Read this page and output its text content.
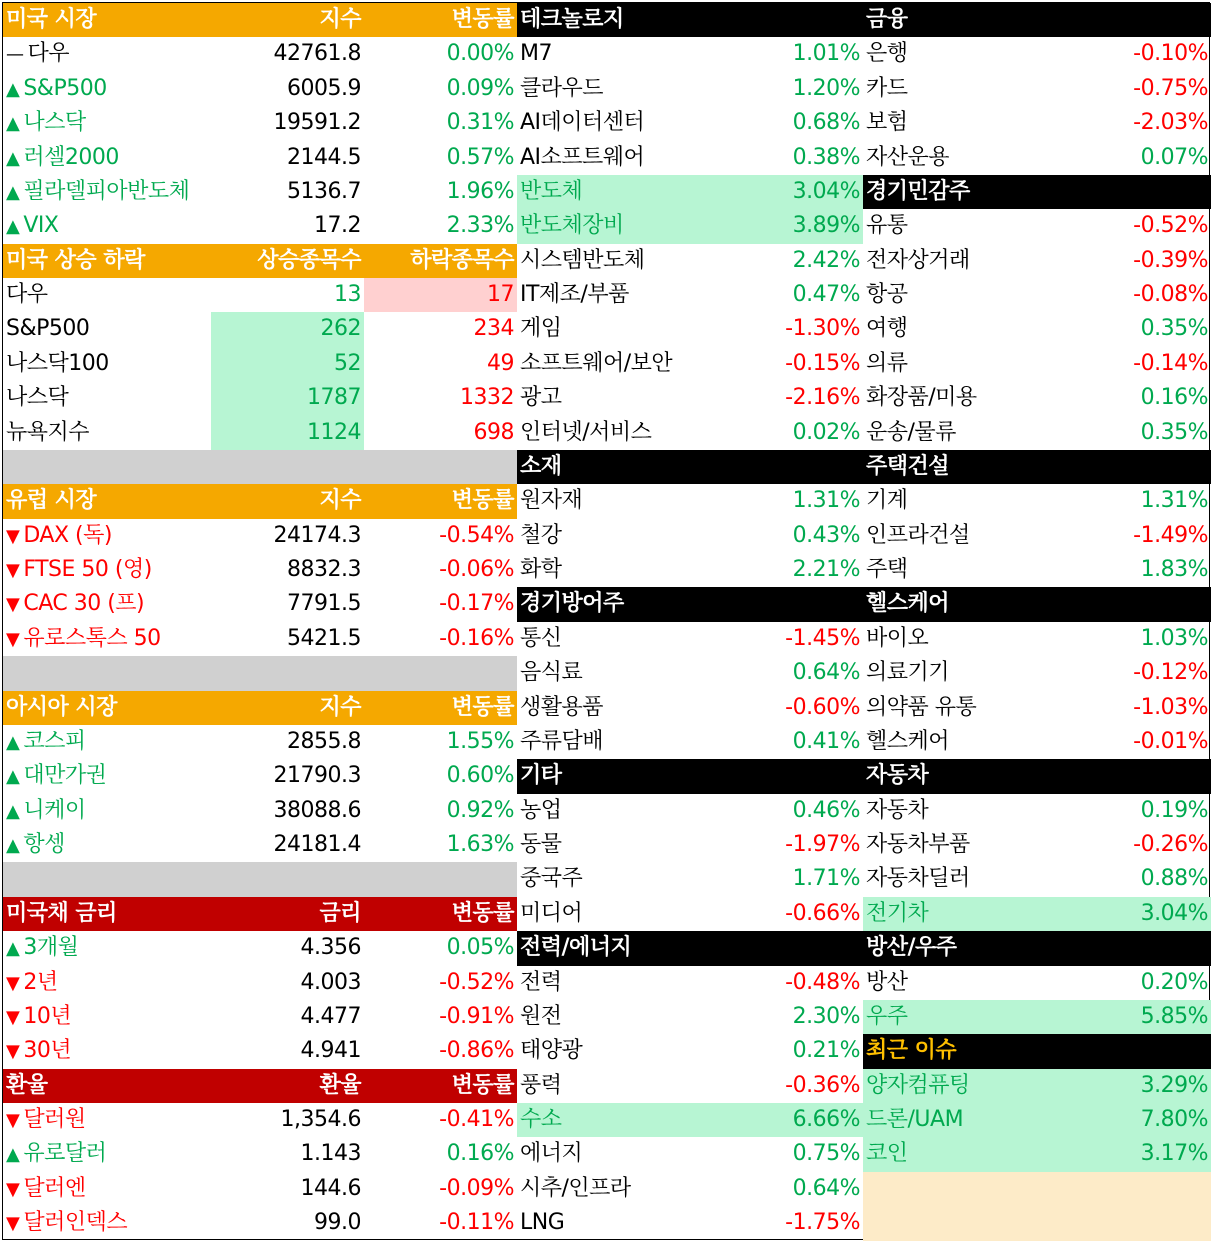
미국 시장	지수	변동률
— 다우	42761.8	0.00%
▲ S&P500	6005.9	0.09%
▲ 나스닥	19591.2	0.31%
▲ 러셀2000	2144.5	0.57%
▲ 필라델피아반도체	5136.7	1.96%
▲ VIX	17.2	2.33%
미국 상승 하락	상승종목수	하락종목수
다우	13	17
S&P500	262	234
나스닥100	52	49
나스닥	1787	1332
뉴욕지수	1124	698
유럽 시장	지수	변동률
▼ DAX (독)	24174.3	-0.54%
▼ FTSE 50 (영)	8832.3	-0.06%
▼ CAC 30 (프)	7791.5	-0.17%
▼ 유로스톡스 50	5421.5	-0.16%
아시아 시장	지수	변동률
▲ 코스피	2855.8	1.55%
▲ 대만가권	21790.3	0.60%
▲ 니케이	38088.6	0.92%
▲ 항셍	24181.4	1.63%
미국채 금리	금리	변동률
▲ 3개월	4.356	0.05%
▼ 2년	4.003	-0.52%
▼ 10년	4.477	-0.91%
▼ 30년	4.941	-0.86%
환율	환율	변동률
▼ 달러원	1,354.6	-0.41%
▲ 유로달러	1.143	0.16%
▼ 달러엔	144.6	-0.09%
▼ 달러인덱스	99.0	-0.11%
테크놀로지
M7	1.01%
클라우드	1.20%
AI데이터센터	0.68%
AI소프트웨어	0.38%
반도체	3.04%
반도체장비	3.89%
시스템반도체	2.42%
IT제조/부품	0.47%
게임	-1.30%
소프트웨어/보안	-0.15%
광고	-2.16%
인터넷/서비스	0.02%
소재
원자재	1.31%
철강	0.43%
화학	2.21%
경기방어주
통신	-1.45%
음식료	0.64%
생활용품	-0.60%
주류담배	0.41%
기타
농업	0.46%
동물	-1.97%
중국주	1.71%
미디어	-0.66%
전력/에너지
전력	-0.48%
원전	2.30%
태양광	0.21%
풍력	-0.36%
수소	6.66%
에너지	0.75%
시추/인프라	0.64%
LNG	-1.75%
금융
은행	-0.10%
카드	-0.75%
보험	-2.03%
자산운용	0.07%
경기민감주
유통	-0.52%
전자상거래	-0.39%
항공	-0.08%
여행	0.35%
의류	-0.14%
화장품/미용	0.16%
운송/물류	0.35%
주택건설
기계	1.31%
인프라건설	-1.49%
주택	1.83%
헬스케어
바이오	1.03%
의료기기	-0.12%
의약품 유통	-1.03%
헬스케어	-0.01%
자동차
자동차	0.19%
자동차부품	-0.26%
자동차딜러	0.88%
전기차	3.04%
방산/우주
방산	0.20%
우주	5.85%
최근 이슈
양자컴퓨팅	3.29%
드론/UAM	7.80%
코인	3.17%
